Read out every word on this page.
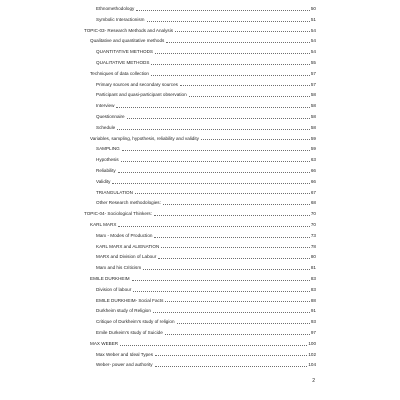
Ethnomethodology	50
Symbolic Interactionism	51
TOPIC-03- Research Methods and Analysis	54
Qualitative and quantitative methods	54
QUANTITATIVE METHODS	54
QUALITATIVE METHODS	55
Techniques of data collection	57
Primary sources and secondary sources	57
Participant and quasi-participant observation	58
Interview	58
Questionnaire	58
Schedule	58
Variables, sampling, hypothesis, reliability and validity	59
SAMPLING	59
Hypothesis	63
Reliability	66
Validity	66
TRIANGULATION	67
Other Research methodologies:	68
TOPIC-04- Sociological Thinkers:	70
KARL MARX	70
Marx - Modes of Production	73
KARL MARX and ALIENATION	78
MARX and Division of Labour	80
Marx and his Criticism	81
EMILE DURKHEIM	83
Division of labour	83
EMILE DURKHEIM- Social Facts	88
Durkheim study of Religion	91
Critique of Durkheim's study of religion	93
Emile Durkeim's study of Suicide	97
MAX WEBER	100
Max Weber and Ideal Types	102
Weber- power and authority	104
2
